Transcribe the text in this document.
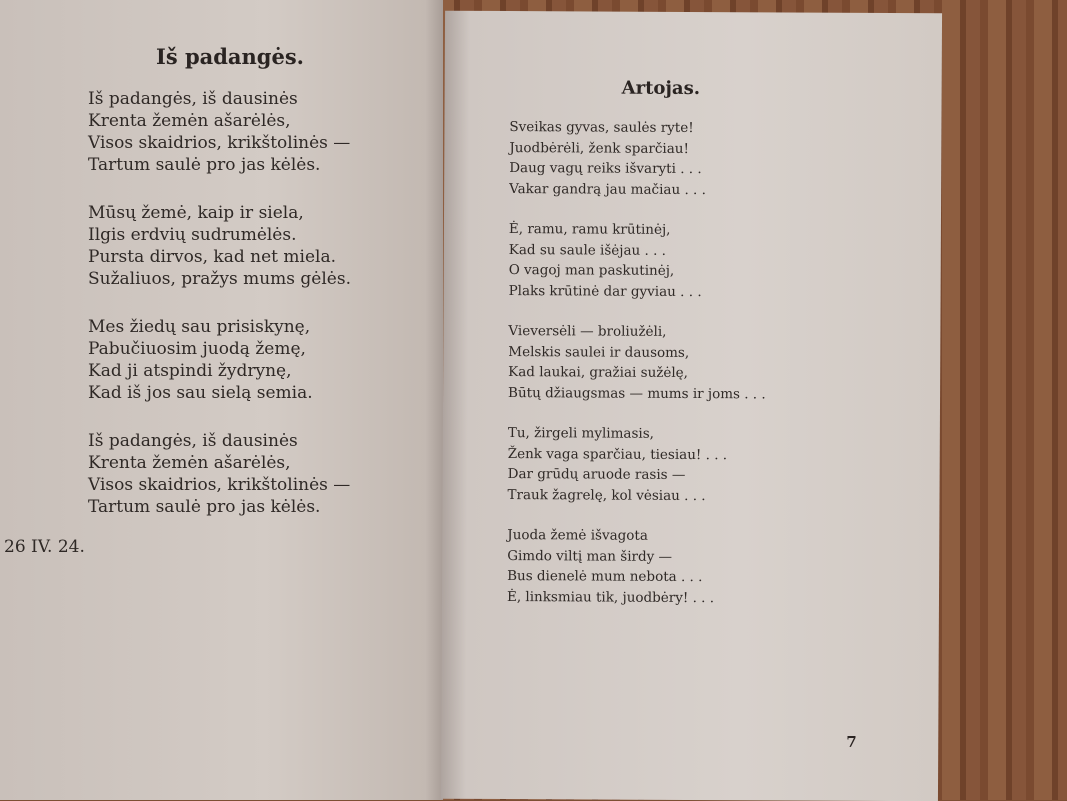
Iš padangės.
Iš padangės, iš dausinės
Krenta žemėn ašarėlės,
Visos skaidrios, krikštolinės —
Tartum saulė pro jas kėlės.
Mūsų žemė, kaip ir siela,
Ilgis erdvių sudrumėlės.
Pursta dirvos, kad net miela.
Sužaliuos, pražys mums gėlės.
Mes žiedų sau prisiskynę,
Pabučiuosim juodą žemę,
Kad ji atspindi žydrynę,
Kad iš jos sau sielą semia.
Iš padangės, iš dausinės
Krenta žemėn ašarėlės,
Visos skaidrios, krikštolinės —
Tartum saulė pro jas kėlės.
26 IV. 24.
Artojas.
Sveikas gyvas, saulės ryte!
Juodbėrėli, ženk sparčiau!
Daug vagų reiks išvaryti . . .
Vakar gandrą jau mačiau . . .
Ė, ramu, ramu krūtinėj,
Kad su saule išėjau . . .
O vagoj man paskutinėj,
Plaks krūtinė dar gyviau . . .
Vieversėli — broliužėli,
Melskis saulei ir dausoms,
Kad laukai, gražiai sužėlę,
Būtų džiaugsmas — mums ir joms . . .
Tu, žirgeli mylimasis,
Ženk vaga sparčiau, tiesiau! . . .
Dar grūdų aruode rasis —
Trauk žagrelę, kol vėsiau . . .
Juoda žemė išvagota
Gimdo viltį man širdy —
Bus dienelė mum nebota . . .
Ė, linksmiau tik, juodbėry! . . .
7
